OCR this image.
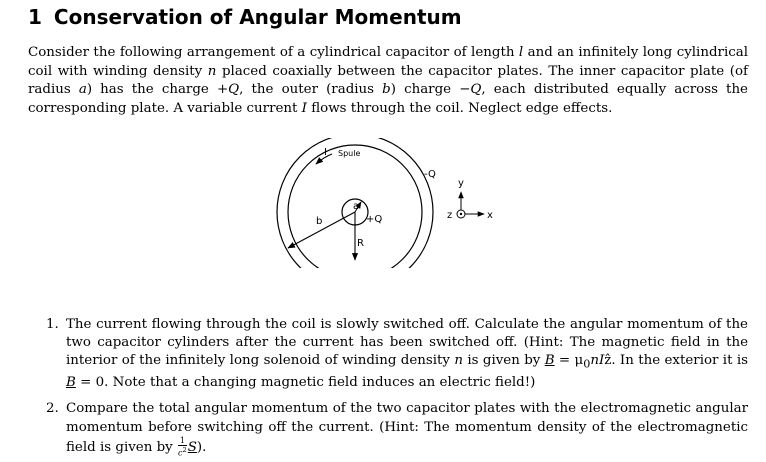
1 Conservation of Angular Momentum

Consider the following arrangement of a cylindrical capacitor of length l and an infinitely long cylindrical coil with winding density n placed coaxially between the capacitor plates. The inner capacitor plate (of radius a) has the charge +Q, the outer (radius b) charge −Q, each distributed equally across the corresponding plate. A variable current I flows through the coil. Neglect edge effects.

I Spule
-Q
+Q
a
b
R
y
z	x
1. The current flowing through the coil is slowly switched off. Calculate the angular momentum of the two capacitor cylinders after the current has been switched off. (Hint: The magnetic field in the interior of the infinitely long solenoid of winding density n is given by $B = \mu_0nIẑ$. In the exterior it is B = 0. Note that a changing magnetic field induces an electric field!)
2. Compare the total angular momentum of the two capacitor plates with the electromagnetic angular momentum before switching off the current. (Hint: The momentum density of the electromagnetic field is given by $\frac{1}{c^2} S$).
